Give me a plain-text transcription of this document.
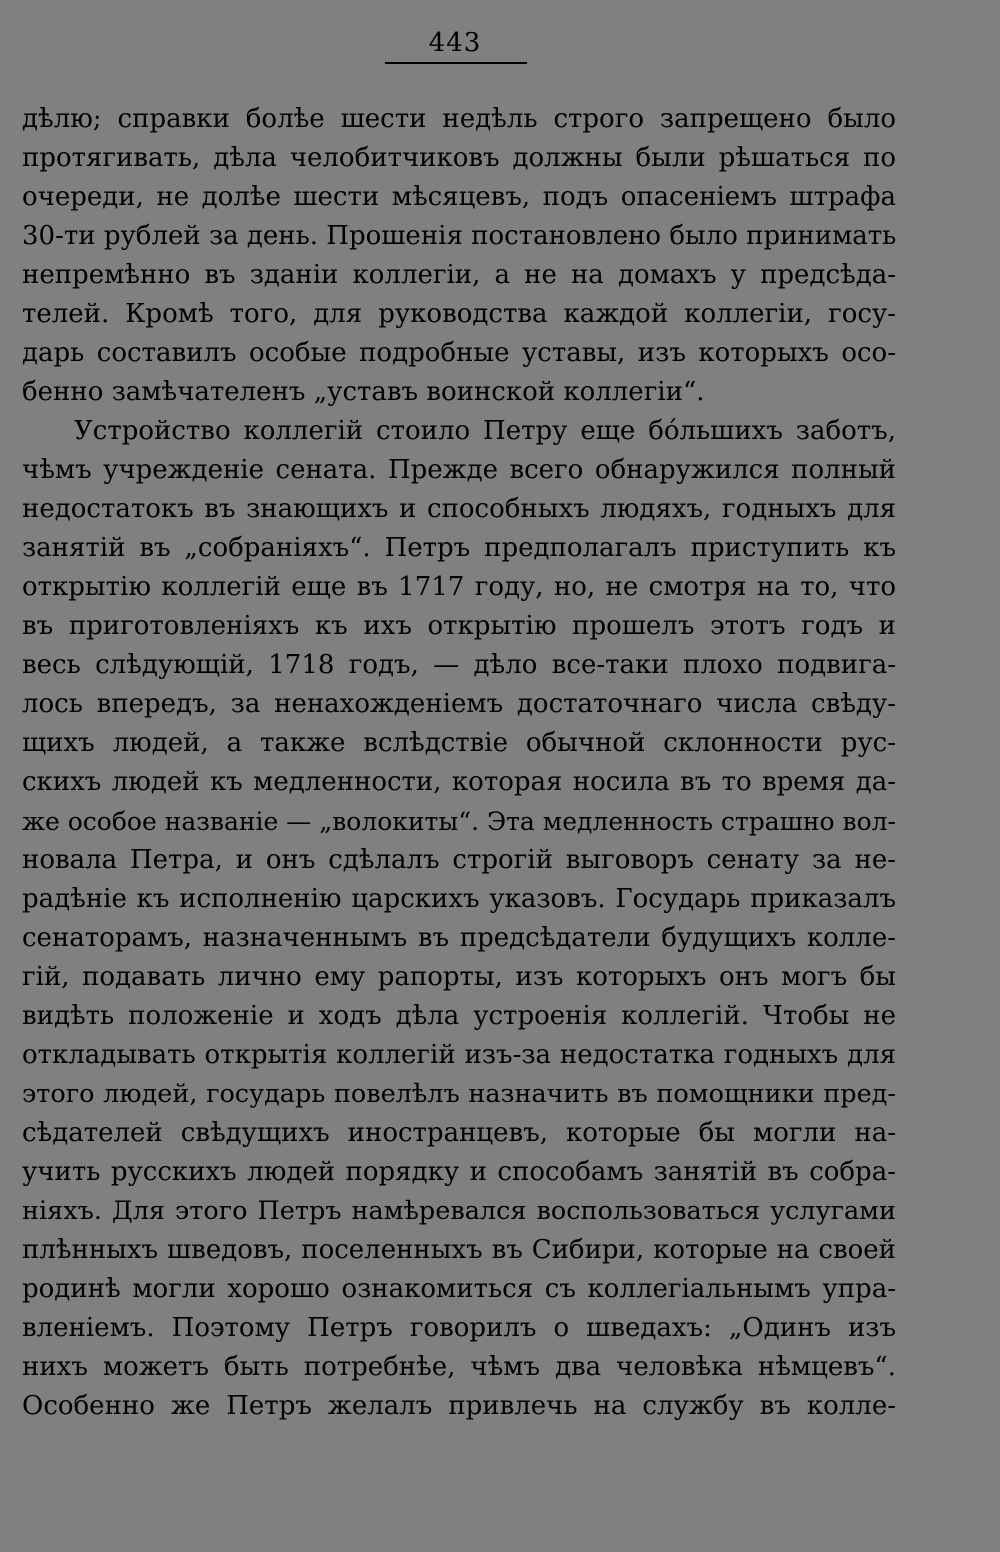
443
дѣлю; справки болѣе шести недѣль строго запрещено было
протягивать, дѣла челобитчиковъ должны были рѣшаться по
очереди, не долѣе шести мѣсяцевъ, подъ опасенiемъ штрафа
30-ти рублей за день. Прошенiя постановлено было принимать
непремѣнно въ зданiи коллегiи, а не на домахъ у предсѣда-
телей. Кромѣ того, для руководства каждой коллегiи, госу-
дарь составилъ особые подробные уставы, изъ которыхъ осо-
бенно замѣчателенъ „уставъ воинской коллегiи“.
Устройство коллегiй стоило Петру еще бóльшихъ заботъ,
чѣмъ учрежденiе сената. Прежде всего обнаружился полный
недостатокъ въ знающихъ и способныхъ людяхъ, годныхъ для
занятiй въ „собранiяхъ“. Петръ предполагалъ приступить къ
открытiю коллегiй еще въ 1717 году, но, не смотря на то, что
въ приготовленiяхъ къ ихъ открытiю прошелъ этотъ годъ и
весь слѣдующiй, 1718 годъ, — дѣло все-таки плохо подвига-
лось впередъ, за ненахожденiемъ достаточнаго числа свѣду-
щихъ людей, а также вслѣдствiе обычной склонности рус-
скихъ людей къ медленности, которая носила въ то время да-
же особое названiе — „волокиты“. Эта медленность страшно вол-
новала Петра, и онъ сдѣлалъ строгiй выговоръ сенату за не-
радѣнiе къ исполненiю царскихъ указовъ. Государь приказалъ
сенаторамъ, назначеннымъ въ предсѣдатели будущихъ колле-
гiй, подавать лично ему рапорты, изъ которыхъ онъ могъ бы
видѣть положенiе и ходъ дѣла устроенiя коллегiй. Чтобы не
откладывать открытiя коллегiй изъ-за недостатка годныхъ для
этого людей, государь повелѣлъ назначить въ помощники пред-
сѣдателей свѣдущихъ иностранцевъ, которые бы могли на-
учить русскихъ людей порядку и способамъ занятiй въ собра-
нiяхъ. Для этого Петръ намѣревался воспользоваться услугами
плѣнныхъ шведовъ, поселенныхъ въ Сибири, которые на своей
родинѣ могли хорошо ознакомиться съ коллегiальнымъ упра-
вленiемъ. Поэтому Петръ говорилъ о шведахъ: „Одинъ изъ
нихъ можетъ быть потребнѣе, чѣмъ два человѣка нѣмцевъ“.
Особенно же Петръ желалъ привлечь на службу въ колле-
